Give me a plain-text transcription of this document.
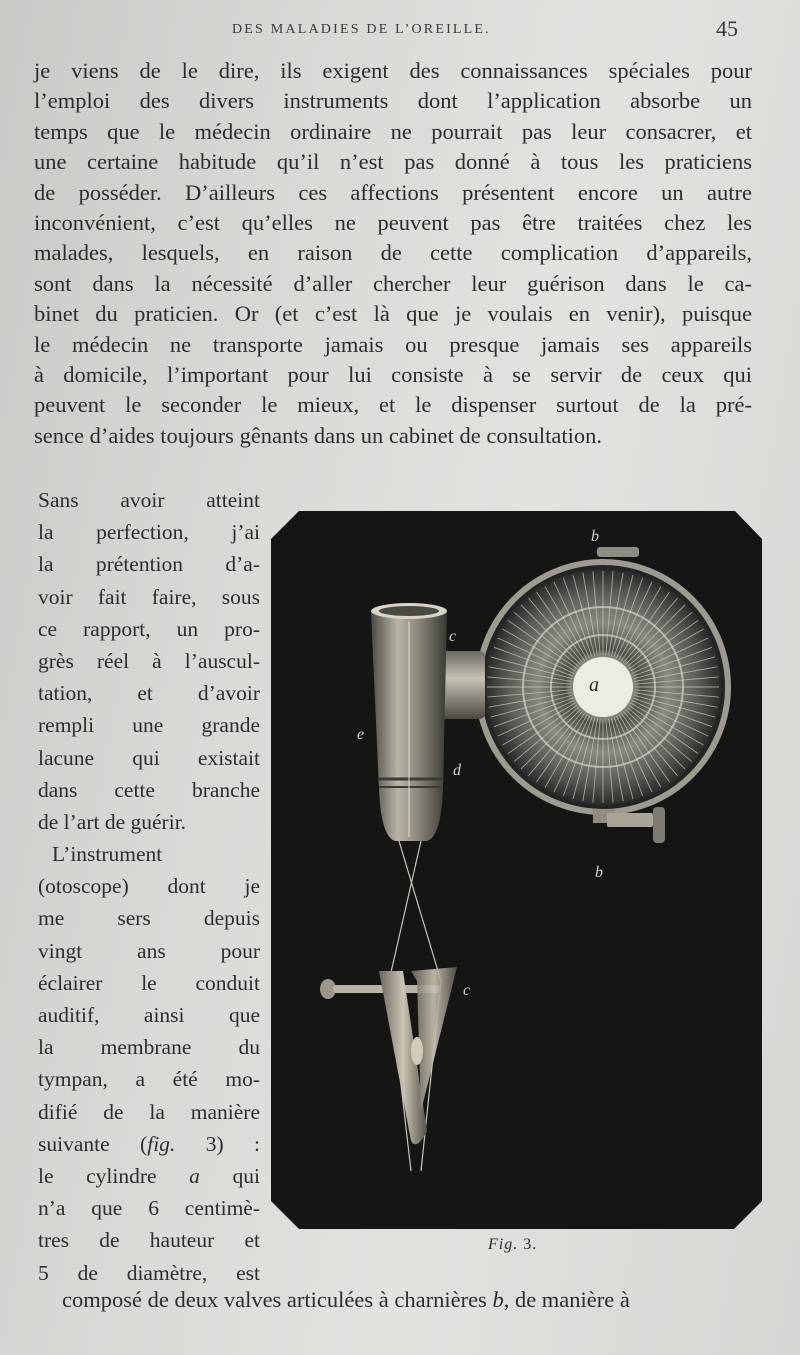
DES MALADIES DE L’OREILLE.	45
je viens de le dire, ils exigent des connaissances spéciales pour
l’emploi des divers instruments dont l’application absorbe un
temps que le médecin ordinaire ne pourrait pas leur consacrer, et
une certaine habitude qu’il n’est pas donné à tous les praticiens
de posséder. D’ailleurs ces affections présentent encore un autre
inconvénient, c’est qu’elles ne peuvent pas être traitées chez les
malades, lesquels, en raison de cette complication d’appareils,
sont dans la nécessité d’aller chercher leur guérison dans le ca-
binet du praticien. Or (et c’est là que je voulais en venir), puisque
le médecin ne transporte jamais ou presque jamais ses appareils
à domicile, l’important pour lui consiste à se servir de ceux qui
peuvent le seconder le mieux, et le dispenser surtout de la pré-
sence d’aides toujours gênants dans un cabinet de consultation.
Sans avoir atteint
la perfection, j’ai
la prétention d’a-
voir fait faire, sous
ce rapport, un pro-
grès réel à l’auscul-
tation, et d’avoir
rempli une grande
lacune qui existait
dans cette branche
de l’art de guérir.
L’instrument
(otoscope) dont je
me sers depuis
vingt ans pour
éclairer le conduit
auditif, ainsi que
la membrane du
tympan, a été mo-
difié de la manière
suivante (fig. 3) :
le cylindre a qui
n’a que 6 centimè-
tres de hauteur et
5 de diamètre, est
composé de deux valves articulées à charnières b, de manière à
b
a
c
e
d
b
c
Fig. 3.
